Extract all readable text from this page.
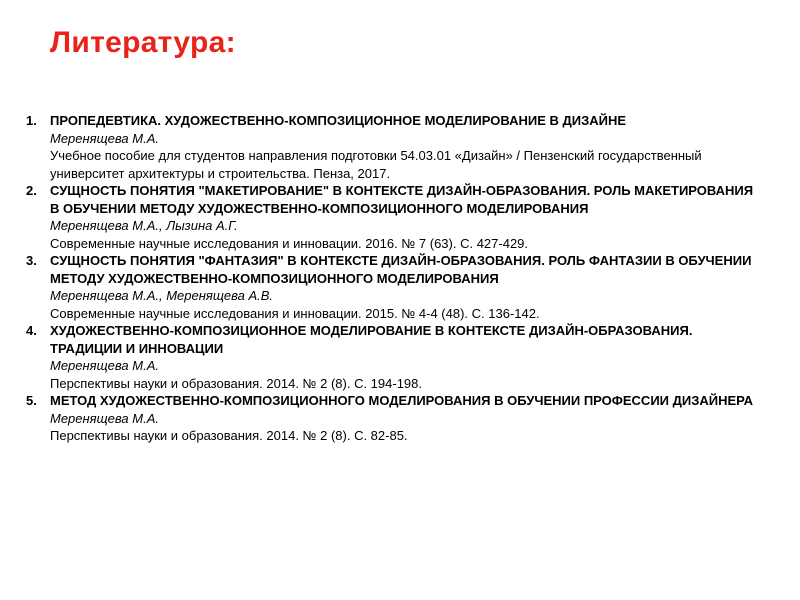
Литература:
1. ПРОПЕДЕВТИКА. ХУДОЖЕСТВЕННО-КОМПОЗИЦИОННОЕ МОДЕЛИРОВАНИЕ В ДИЗАЙНЕ
Меренящева М.А.
Учебное пособие для студентов направления подготовки 54.03.01 «Дизайн» / Пензенский государственный университет архитектуры и строительства. Пенза, 2017.
2. СУЩНОСТЬ ПОНЯТИЯ "МАКЕТИРОВАНИЕ" В КОНТЕКСТЕ ДИЗАЙН-ОБРАЗОВАНИЯ. РОЛЬ МАКЕТИРОВАНИЯ В ОБУЧЕНИИ МЕТОДУ ХУДОЖЕСТВЕННО-КОМПОЗИЦИОННОГО МОДЕЛИРОВАНИЯ
Меренящева М.А., Лызина А.Г.
Современные научные исследования и инновации. 2016. № 7 (63). С. 427-429.
3. СУЩНОСТЬ ПОНЯТИЯ "ФАНТАЗИЯ" В КОНТЕКСТЕ ДИЗАЙН-ОБРАЗОВАНИЯ. РОЛЬ ФАНТАЗИИ В ОБУЧЕНИИ МЕТОДУ ХУДОЖЕСТВЕННО-КОМПОЗИЦИОННОГО МОДЕЛИРОВАНИЯ
Меренящева М.А., Меренящева А.В.
Современные научные исследования и инновации. 2015. № 4-4 (48). С. 136-142.
4. ХУДОЖЕСТВЕННО-КОМПОЗИЦИОННОЕ МОДЕЛИРОВАНИЕ В КОНТЕКСТЕ ДИЗАЙН-ОБРАЗОВАНИЯ. ТРАДИЦИИ И ИННОВАЦИИ
Меренящева М.А.
Перспективы науки и образования. 2014. № 2 (8). С. 194-198.
5. МЕТОД ХУДОЖЕСТВЕННО-КОМПОЗИЦИОННОГО МОДЕЛИРОВАНИЯ В ОБУЧЕНИИ ПРОФЕССИИ ДИЗАЙНЕРА
Меренящева М.А.
Перспективы науки и образования. 2014. № 2 (8). С. 82-85.
